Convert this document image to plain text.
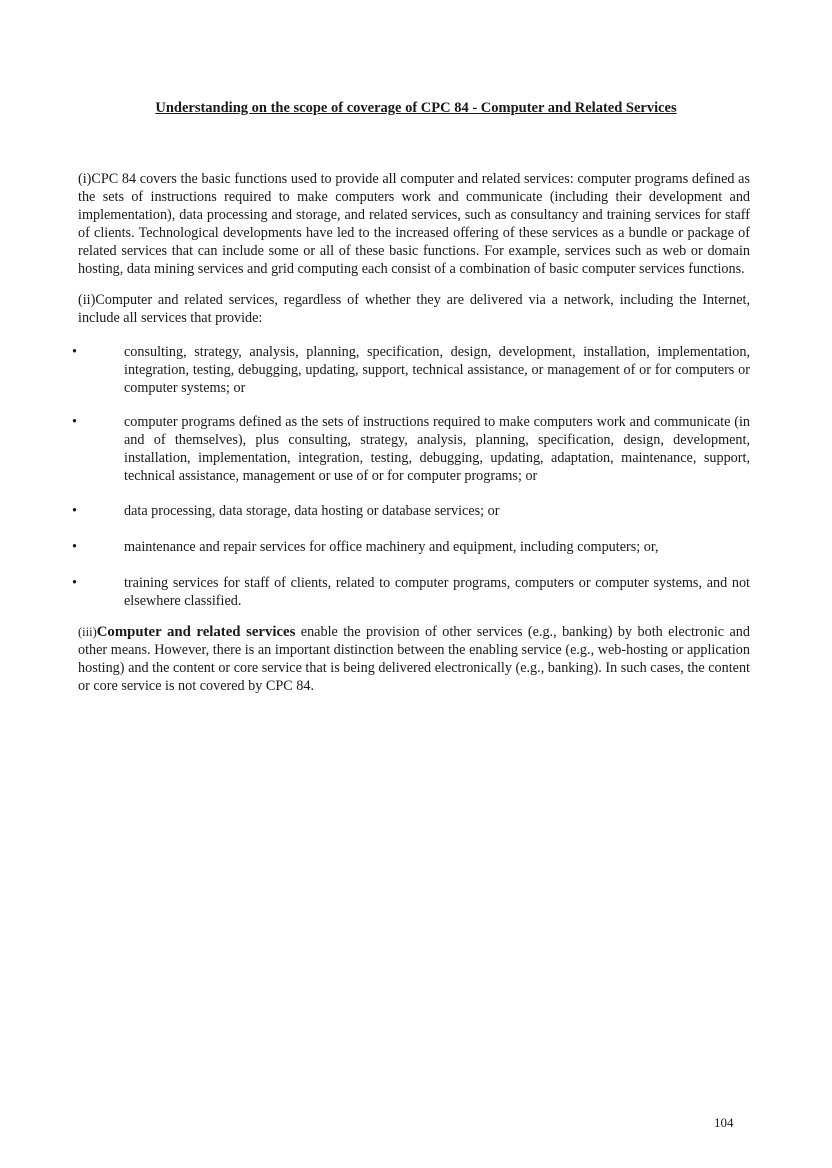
Understanding on the scope of coverage of CPC 84 - Computer and Related Services

(i)CPC 84 covers the basic functions used to provide all computer and related services: computer programs defined as the sets of instructions required to make computers work and communicate (including their development and implementation), data processing and storage, and related services, such as consultancy and training services for staff of clients. Technological developments have led to the increased offering of these services as a bundle or package of related services that can include some or all of these basic functions. For example, services such as web or domain hosting, data mining services and grid computing each consist of a combination of basic computer services functions.

(ii)Computer and related services, regardless of whether they are delivered via a network, including the Internet, include all services that provide:

•	consulting, strategy, analysis, planning, specification, design, development, installation, implementation, integration, testing, debugging, updating, support, technical assistance, or management of or for computers or computer systems; or
•	computer programs defined as the sets of instructions required to make computers work and communicate (in and of themselves), plus consulting, strategy, analysis, planning, specification, design, development, installation, implementation, integration, testing, debugging, updating, adaptation, maintenance, support, technical assistance, management or use of or for computer programs; or
•	data processing, data storage, data hosting or database services; or
•	maintenance and repair services for office machinery and equipment, including computers; or,
•	training services for staff of clients, related to computer programs, computers or computer systems, and not elsewhere classified.

(iii)Computer and related services enable the provision of other services (e.g., banking) by both electronic and other means. However, there is an important distinction between the enabling service (e.g., web-hosting or application hosting) and the content or core service that is being delivered electronically (e.g., banking). In such cases, the content or core service is not covered by CPC 84.

104
